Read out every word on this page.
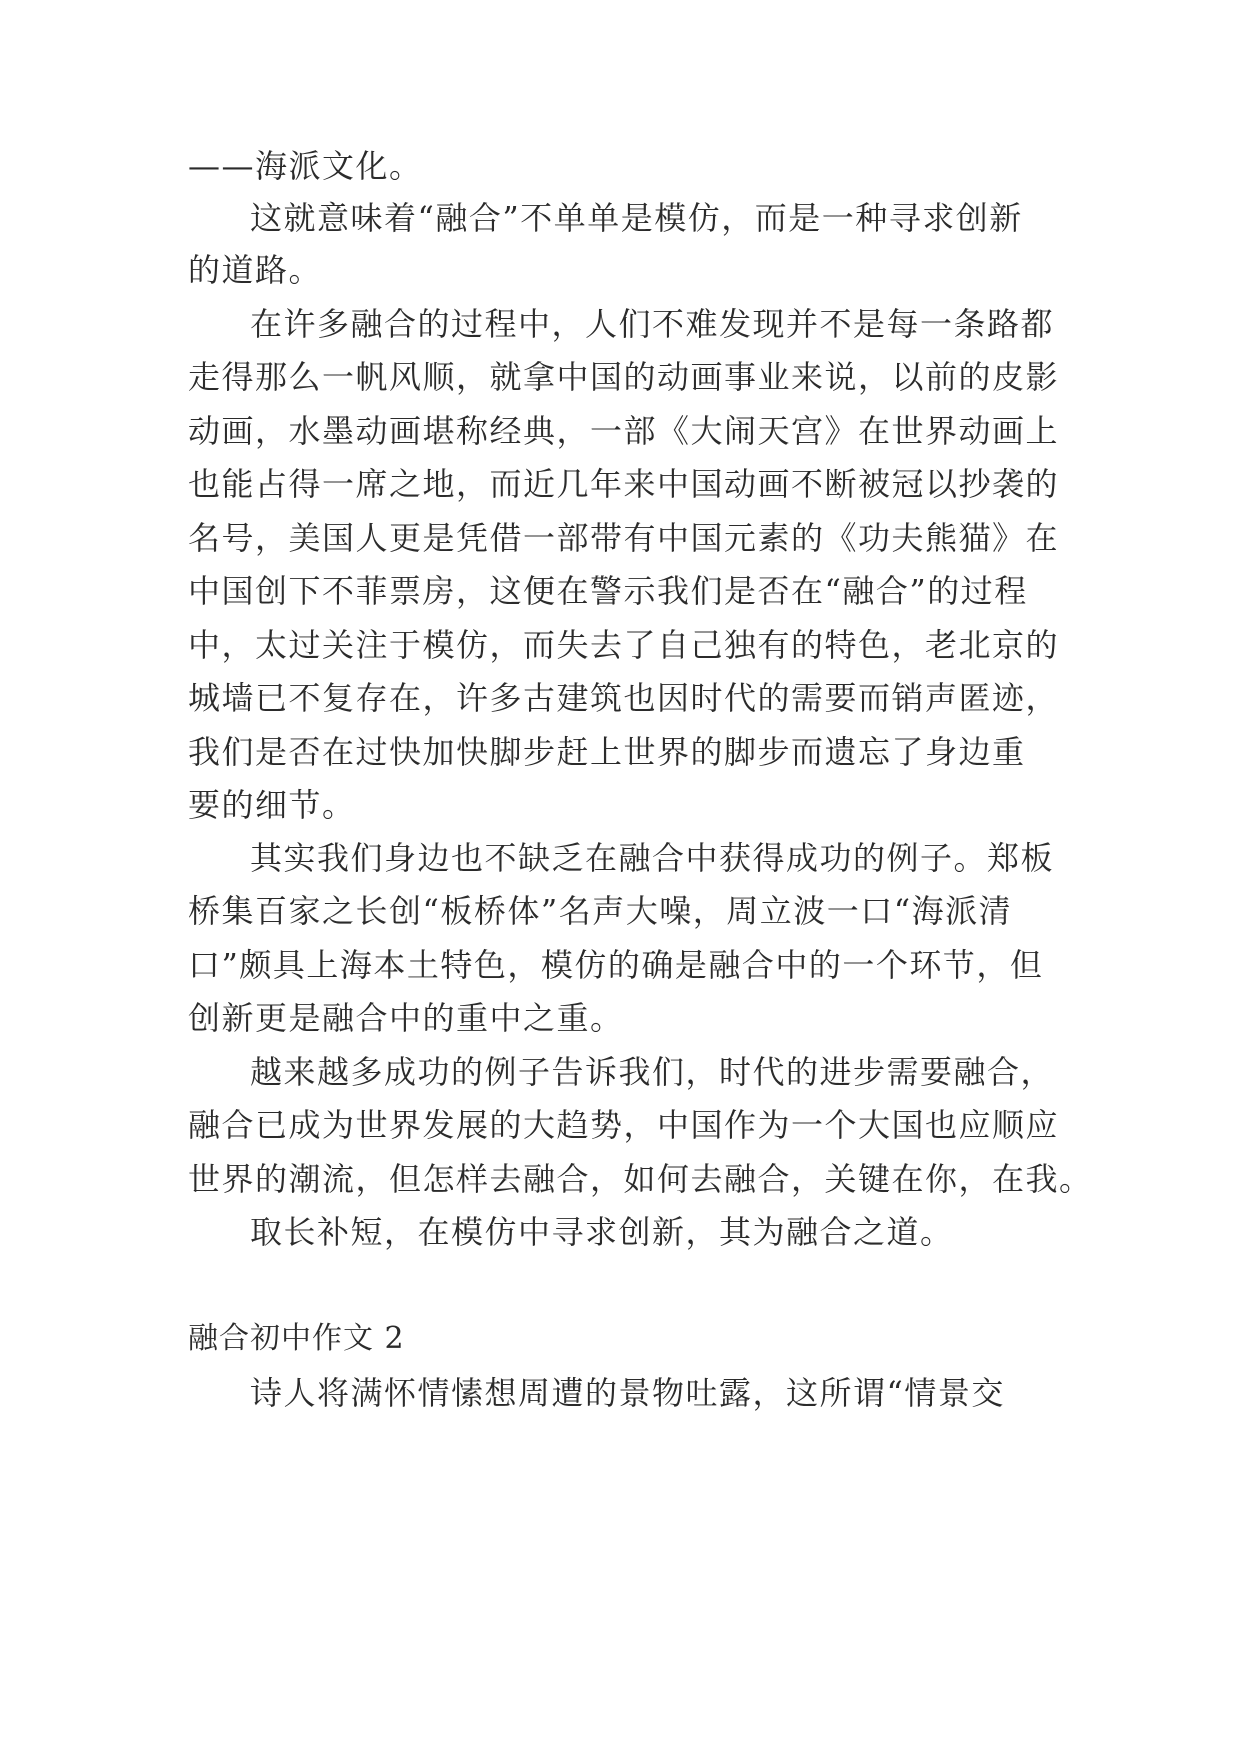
——海派文化。
这就意味着“融合”不单单是模仿，而是一种寻求创新
的道路。
在许多融合的过程中，人们不难发现并不是每一条路都
走得那么一帆风顺，就拿中国的动画事业来说，以前的皮影
动画，水墨动画堪称经典，一部《大闹天宫》在世界动画上
也能占得一席之地，而近几年来中国动画不断被冠以抄袭的
名号，美国人更是凭借一部带有中国元素的《功夫熊猫》在
中国创下不菲票房，这便在警示我们是否在“融合”的过程
中，太过关注于模仿，而失去了自己独有的特色，老北京的
城墙已不复存在，许多古建筑也因时代的需要而销声匿迹，
我们是否在过快加快脚步赶上世界的脚步而遗忘了身边重
要的细节。
其实我们身边也不缺乏在融合中获得成功的例子。郑板
桥集百家之长创“板桥体”名声大噪，周立波一口“海派清
口”颇具上海本土特色，模仿的确是融合中的一个环节，但
创新更是融合中的重中之重。
越来越多成功的例子告诉我们，时代的进步需要融合，
融合已成为世界发展的大趋势，中国作为一个大国也应顺应
世界的潮流，但怎样去融合，如何去融合，关键在你，在我。
取长补短，在模仿中寻求创新，其为融合之道。
融合初中作文 2
诗人将满怀情愫想周遭的景物吐露，这所谓“情景交
